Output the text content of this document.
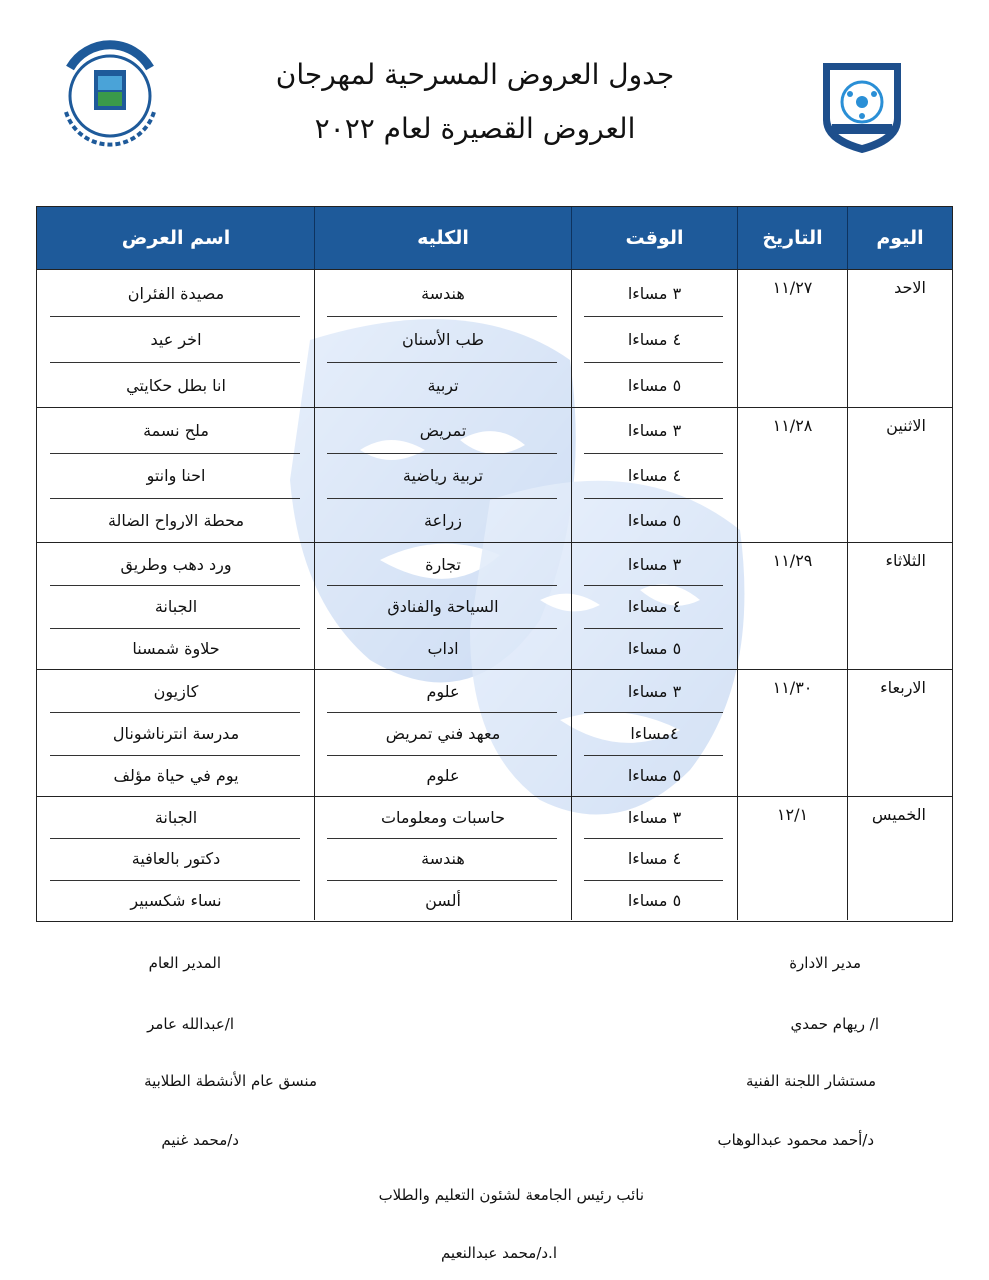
جدول العروض المسرحية لمهرجان
العروض القصيرة لعام ٢٠٢٢
اليوم
التاريخ
الوقت
الكليه
اسم العرض
الاحد
١١/٢٧
٣ مساءا
٤ مساءا
٥ مساءا
هندسة
طب الأسنان
تربية
مصيدة الفئران
اخر عيد
انا بطل حكايتي
الاثنين
١١/٢٨
٣ مساءا
٤ مساءا
٥ مساءا
تمريض
تربية رياضية
زراعة
ملح نسمة
احنا وانتو
محطة الارواح الضالة
الثلاثاء
١١/٢٩
٣ مساءا
٤ مساءا
٥ مساءا
تجارة
السياحة والفنادق
اداب
ورد دهب وطريق
الجبانة
حلاوة شمسنا
الاربعاء
١١/٣٠
٣ مساءا
٤مساءا
٥ مساءا
علوم
معهد فني تمريض
علوم
كازيون
مدرسة انترناشونال
يوم في حياة مؤلف
الخميس
١٢/١
٣ مساءا
٤ مساءا
٥ مساءا
حاسبات ومعلومات
هندسة
ألسن
الجبانة
دكتور بالعافية
نساء شكسبير
مدير الادارة
ا/ ريهام حمدي
المدير العام
ا/عبدالله عامر
مستشار اللجنة الفنية
د/أحمد محمود عبدالوهاب
منسق عام الأنشطة الطلابية
د/محمد غنيم
نائب رئيس الجامعة لشئون التعليم والطلاب
ا.د/محمد عبدالنعيم
